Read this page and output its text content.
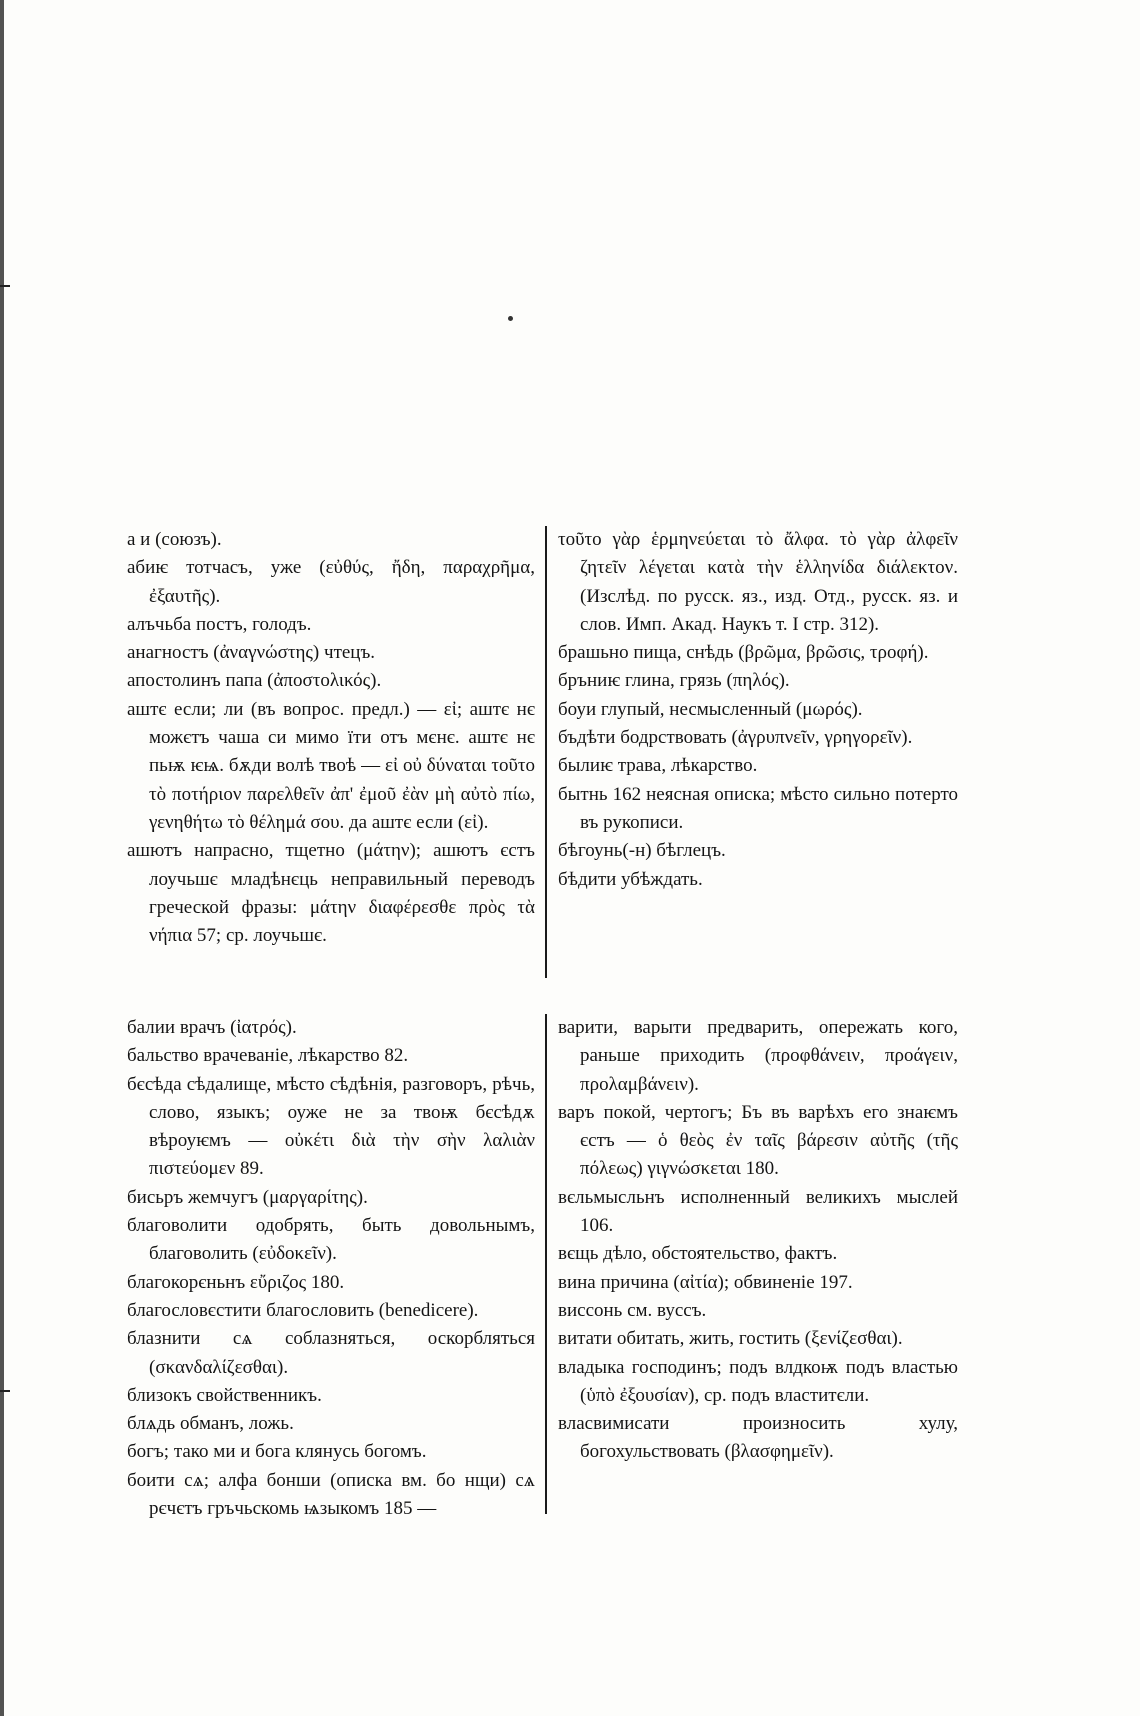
а и (союзъ).

абиѥ тотчасъ, уже (εὐθύς, ἤδη, παραχρῆμα, ἐξαυτῆς).

алъчьба постъ, голодъ.

анагностъ (ἀναγνώστης) чтецъ.

апостолинъ папа (ἀποστολικός).

аштє если; ли (въ вопрос. предл.) — εἰ; аштє нє можєтъ чаша си мимо їти отъ мєнє. аштє нє пьѭ ѥѩ. бѫди волѣ твоѣ — εἰ οὐ δύναται τοῦτο τὸ ποτήριον παρελθεῖν ἀπ' ἐμοῦ ἐὰν μὴ αὐτὸ πίω, γενηθήτω τὸ θέλημά σου. да аштє если (εἰ).

ашютъ напрасно, тщетно (μάτην); ашютъ єстъ лоучьшє младѣнєць неправильный переводъ греческой фразы: μάτην διαφέρεσθε πρὸς τὰ νήπια 57; ср. лоучьшє.

τοῦτο γὰρ ἑρμηνεύεται τὸ ἄλφα. τὸ γὰρ ἀλφεῖν ζητεῖν λέγεται κατὰ τὴν ἑλληνίδα διάλεκτον. (Изслѣд. по русск. яз., изд. Отд., русск. яз. и слов. Имп. Акад. Наукъ т. I стр. 312).

брашьно пища, снѣдь (βρῶμα, βρῶσις, τροφή).

бръниѥ глина, грязь (πηλός).

боуи глупый, несмысленный (μωρός).

бъдѣти бодрствовать (ἀγρυπνεῖν, γρηγορεῖν).

былиѥ трава, лѣкарство.

бытнь 162 неясная описка; мѣсто сильно потерто въ рукописи.

бѣгоунь(-н) бѣглецъ.

бѣдити убѣждать.

балии врачъ (ἰατρός).

бальство врачеваніе, лѣкарство 82.

бєсѣда сѣдалище, мѣсто сѣдѣнія, разговоръ, рѣчь, слово, языкъ; оуже не за твоѭ бєсѣдѫ вѣроуѥмъ — οὐκέτι διὰ τὴν σὴν λαλιὰν πιστεύομεν 89.

бисьръ жемчугъ (μαργαρίτης).

благоволити одобрять, быть довольнымъ, благоволить (εὐδοκεῖν).

благокорєньнъ εὔριζος 180.

благословєстити благословить (benedicere).

блазнити сѧ соблазняться, оскорбляться (σκανδαλίζεσθαι).

близокъ свойственникъ.

блѧдь обманъ, ложь.

богъ; тако ми и бога клянусь богомъ.

боити сѧ; алфа бонши (описка вм. бо нщи) сѧ рєчєтъ гръчьскомь ѩзыкомъ 185 —

варити, варыти предварить, опережать кого, раньше приходить (προφθάνειν, προάγειν, προλαμβάνειν).

варъ покой, чертогъ; Бъ въ варѣхъ его знаѥмъ єстъ — ὁ θεὸς ἐν ταῖς βάρεσιν αὐτῆς (τῆς πόλεως) γιγνώσκεται 180.

вєльмысльнъ исполненный великихъ мыслей 106.

вєщь дѣло, обстоятельство, фактъ.

вина причина (αἰτία); обвиненіе 197.

виссонь см. вуссъ.

витати обитать, жить, гостить (ξενίζεσθαι).

владыка господинъ; подъ влдкоѭ подъ властью (ὑπὸ ἐξουσίαν), ср. подъ властитєли.

власвимисати произносить хулу, богохульствовать (βλασφημεῖν).
